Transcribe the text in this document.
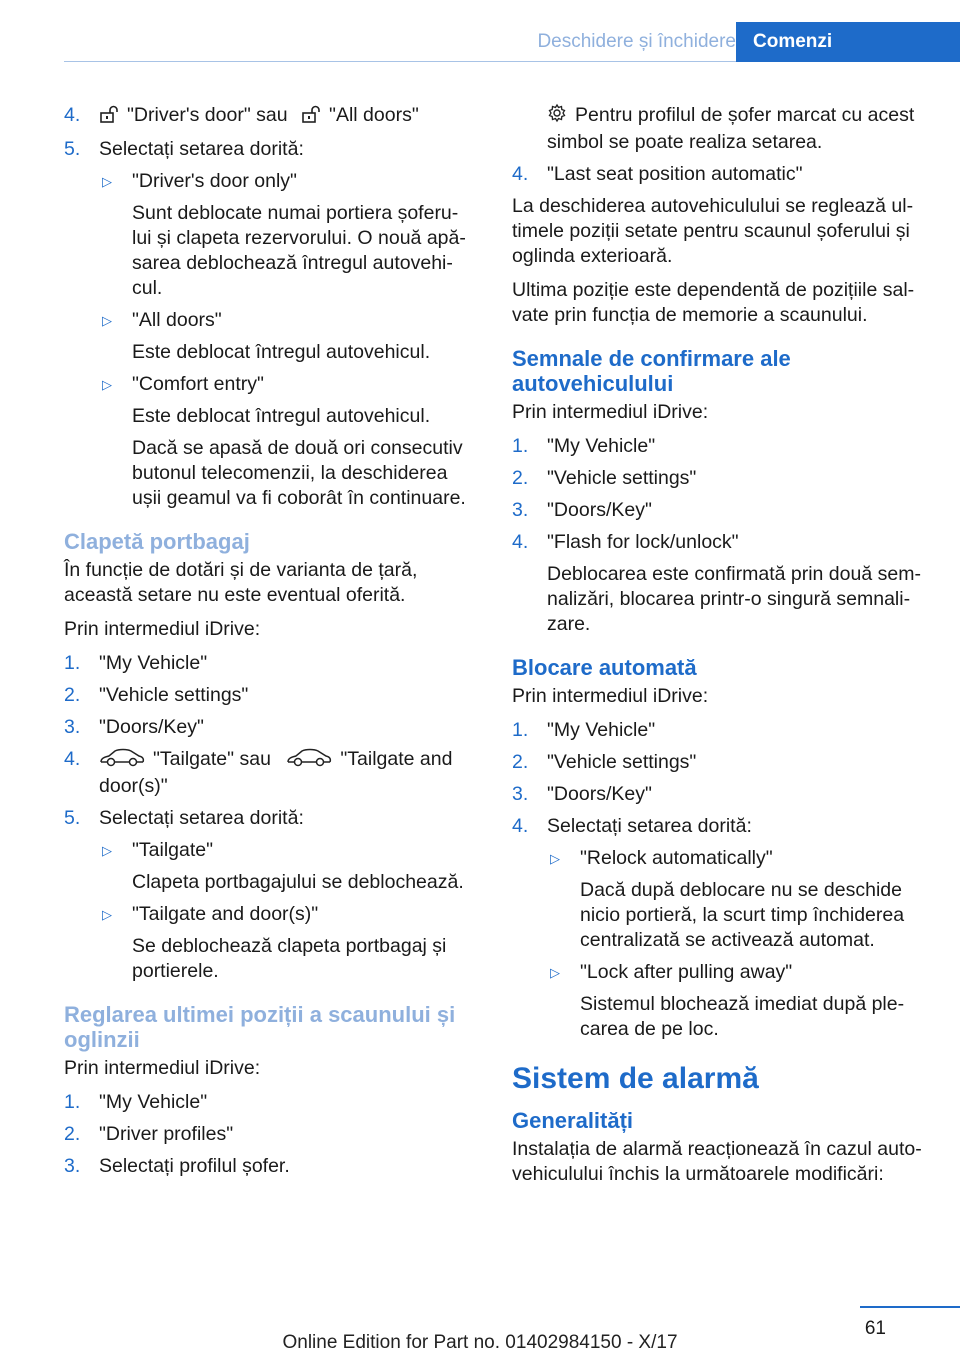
Deschidere și închidere Comenzi
4. "Driver's door" sau "All doors"
5. Selectați setarea dorită:
▷ "Driver's door only"
Sunt deblocate numai portiera șoferu-lui și clapeta rezervorului. O nouă apă-sarea deblochează întregul autovehi-cul.
▷ "All doors"
Este deblocat întregul autovehicul.
▷ "Comfort entry"
Este deblocat întregul autovehicul.
Dacă se apasă de două ori consecutiv butonul telecomenzii, la deschiderea ușii geamul va fi coborât în continuare.
Clapetă portbagaj

În funcție de dotări și de varianta de țară, această setare nu este eventual oferită.

Prin intermediul iDrive:

1. "My Vehicle"
2. "Vehicle settings"
3. "Doors/Key"
4.	"Tailgate" sau	"Tailgate and door(s)"
5. Selectați setarea dorită:
▷ "Tailgate"
Clapeta portbagajului se deblochează.
▷ "Tailgate and door(s)"
Se deblochează clapeta portbagaj și portierele.
Reglarea ultimei poziții a scaunului și oglinzii

Prin intermediul iDrive:

1. "My Vehicle"
2. "Driver profiles"
3. Selectați profilul șofer.
Pentru profilul de șofer marcat cu acest simbol se poate realiza setarea.
4. "Last seat position automatic"

La deschiderea autovehiculului se reglează ul-timele poziții setate pentru scaunul șoferului și oglinda exterioară.

Ultima poziție este dependentă de pozițiile sal-vate prin funcția de memorie a scaunului.

Semnale de confirmare ale autovehiculului

Prin intermediul iDrive:

1. "My Vehicle"
2. "Vehicle settings"
3. "Doors/Key"
4. "Flash for lock/unlock"
Deblocarea este confirmată prin două sem-nalizări, blocarea printr-o singură semnali-zare.
Blocare automată

Prin intermediul iDrive:

1. "My Vehicle"
2. "Vehicle settings"
3. "Doors/Key"
4. Selectați setarea dorită:
▷ "Relock automatically"
Dacă după deblocare nu se deschide nicio portieră, la scurt timp închiderea centralizată se activează automat.
▷ "Lock after pulling away"
Sistemul blochează imediat după ple-carea de pe loc.
Sistem de alarmă
Generalități

Instalația de alarmă reacționează în cazul auto-vehiculului închis la următoarele modificări:

61
Online Edition for Part no. 01402984150 - X/17
